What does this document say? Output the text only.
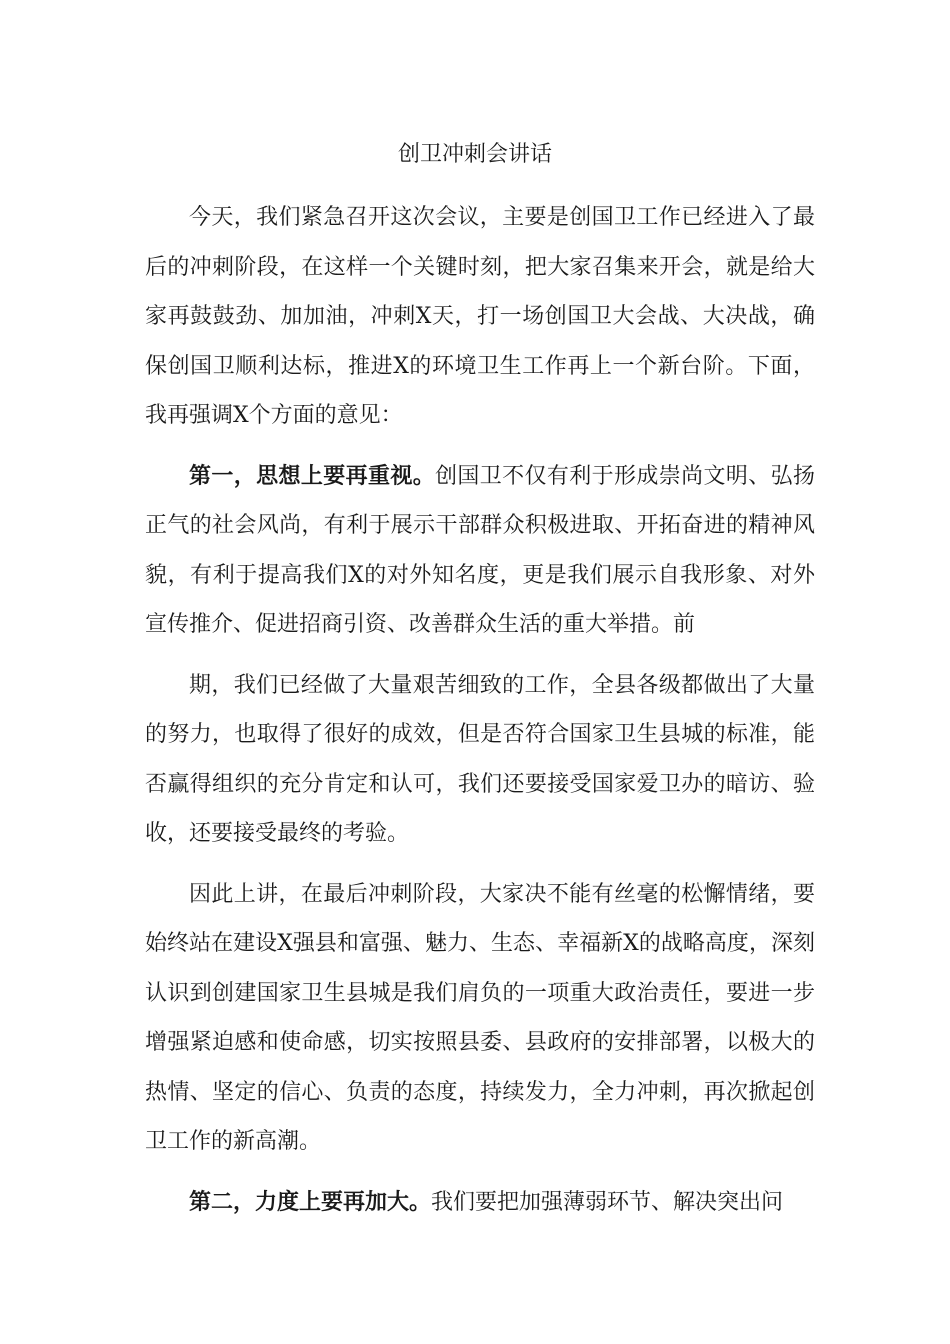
创卫冲刺会讲话

今天，我们紧急召开这次会议，主要是创国卫工作已经进入了最后的冲刺阶段，在这样一个关键时刻，把大家召集来开会，就是给大家再鼓鼓劲、加加油，冲刺X天，打一场创国卫大会战、大决战，确保创国卫顺利达标，推进X的环境卫生工作再上一个新台阶。下面，我再强调X个方面的意见：

第一，思想上要再重视。创国卫不仅有利于形成崇尚文明、弘扬正气的社会风尚，有利于展示干部群众积极进取、开拓奋进的精神风貌，有利于提高我们X的对外知名度，更是我们展示自我形象、对外宣传推介、促进招商引资、改善群众生活的重大举措。前

期，我们已经做了大量艰苦细致的工作，全县各级都做出了大量的努力，也取得了很好的成效，但是否符合国家卫生县城的标准，能否赢得组织的充分肯定和认可，我们还要接受国家爱卫办的暗访、验收，还要接受最终的考验。

因此上讲，在最后冲刺阶段，大家决不能有丝毫的松懈情绪，要始终站在建设X强县和富强、魅力、生态、幸福新X的战略高度，深刻认识到创建国家卫生县城是我们肩负的一项重大政治责任，要进一步增强紧迫感和使命感，切实按照县委、县政府的安排部署，以极大的热情、坚定的信心、负责的态度，持续发力，全力冲刺，再次掀起创卫工作的新高潮。

第二，力度上要再加大。我们要把加强薄弱环节、解决突出问
